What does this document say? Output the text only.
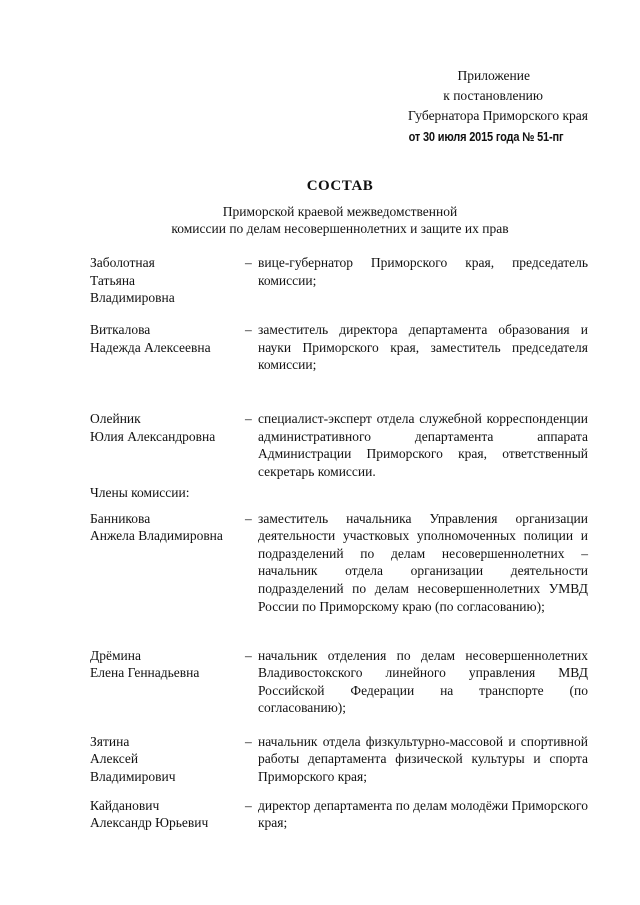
Приложение
к постановлению
Губернатора Приморского края
от 30 июля 2015 года № 51-пг
СОСТАВ
Приморской краевой межведомственной
комиссии по делам несовершеннолетних и защите их прав
Заболотная
Татьяна
Владимировна
– вице-губернатор Приморского края, председатель комиссии;
Виткалова
Надежда Алексеевна
– заместитель директора департамента образования и науки Приморского края, заместитель председателя комиссии;
Олейник
Юлия Александровна
– специалист-эксперт отдела служебной корреспонденции административного департамента аппарата Администрации Приморского края, ответственный секретарь комиссии.
Члены комиссии:
Банникова
Анжела Владимировна
– заместитель начальника Управления организации деятельности участковых уполномоченных полиции и подразделений по делам несовершеннолетних – начальник отдела организации деятельности подразделений по делам несовершеннолетних УМВД России по Приморскому краю (по согласованию);
Дрёмина
Елена Геннадьевна
– начальник отделения по делам несовершеннолетних Владивостокского линейного управления МВД Российской Федерации на транспорте (по согласованию);
Зятина
Алексей
Владимирович
– начальник отдела физкультурно-массовой и спортивной работы департамента физической культуры и спорта Приморского края;
Кайданович
Александр Юрьевич
– директор департамента по делам молодёжи Приморского края;
